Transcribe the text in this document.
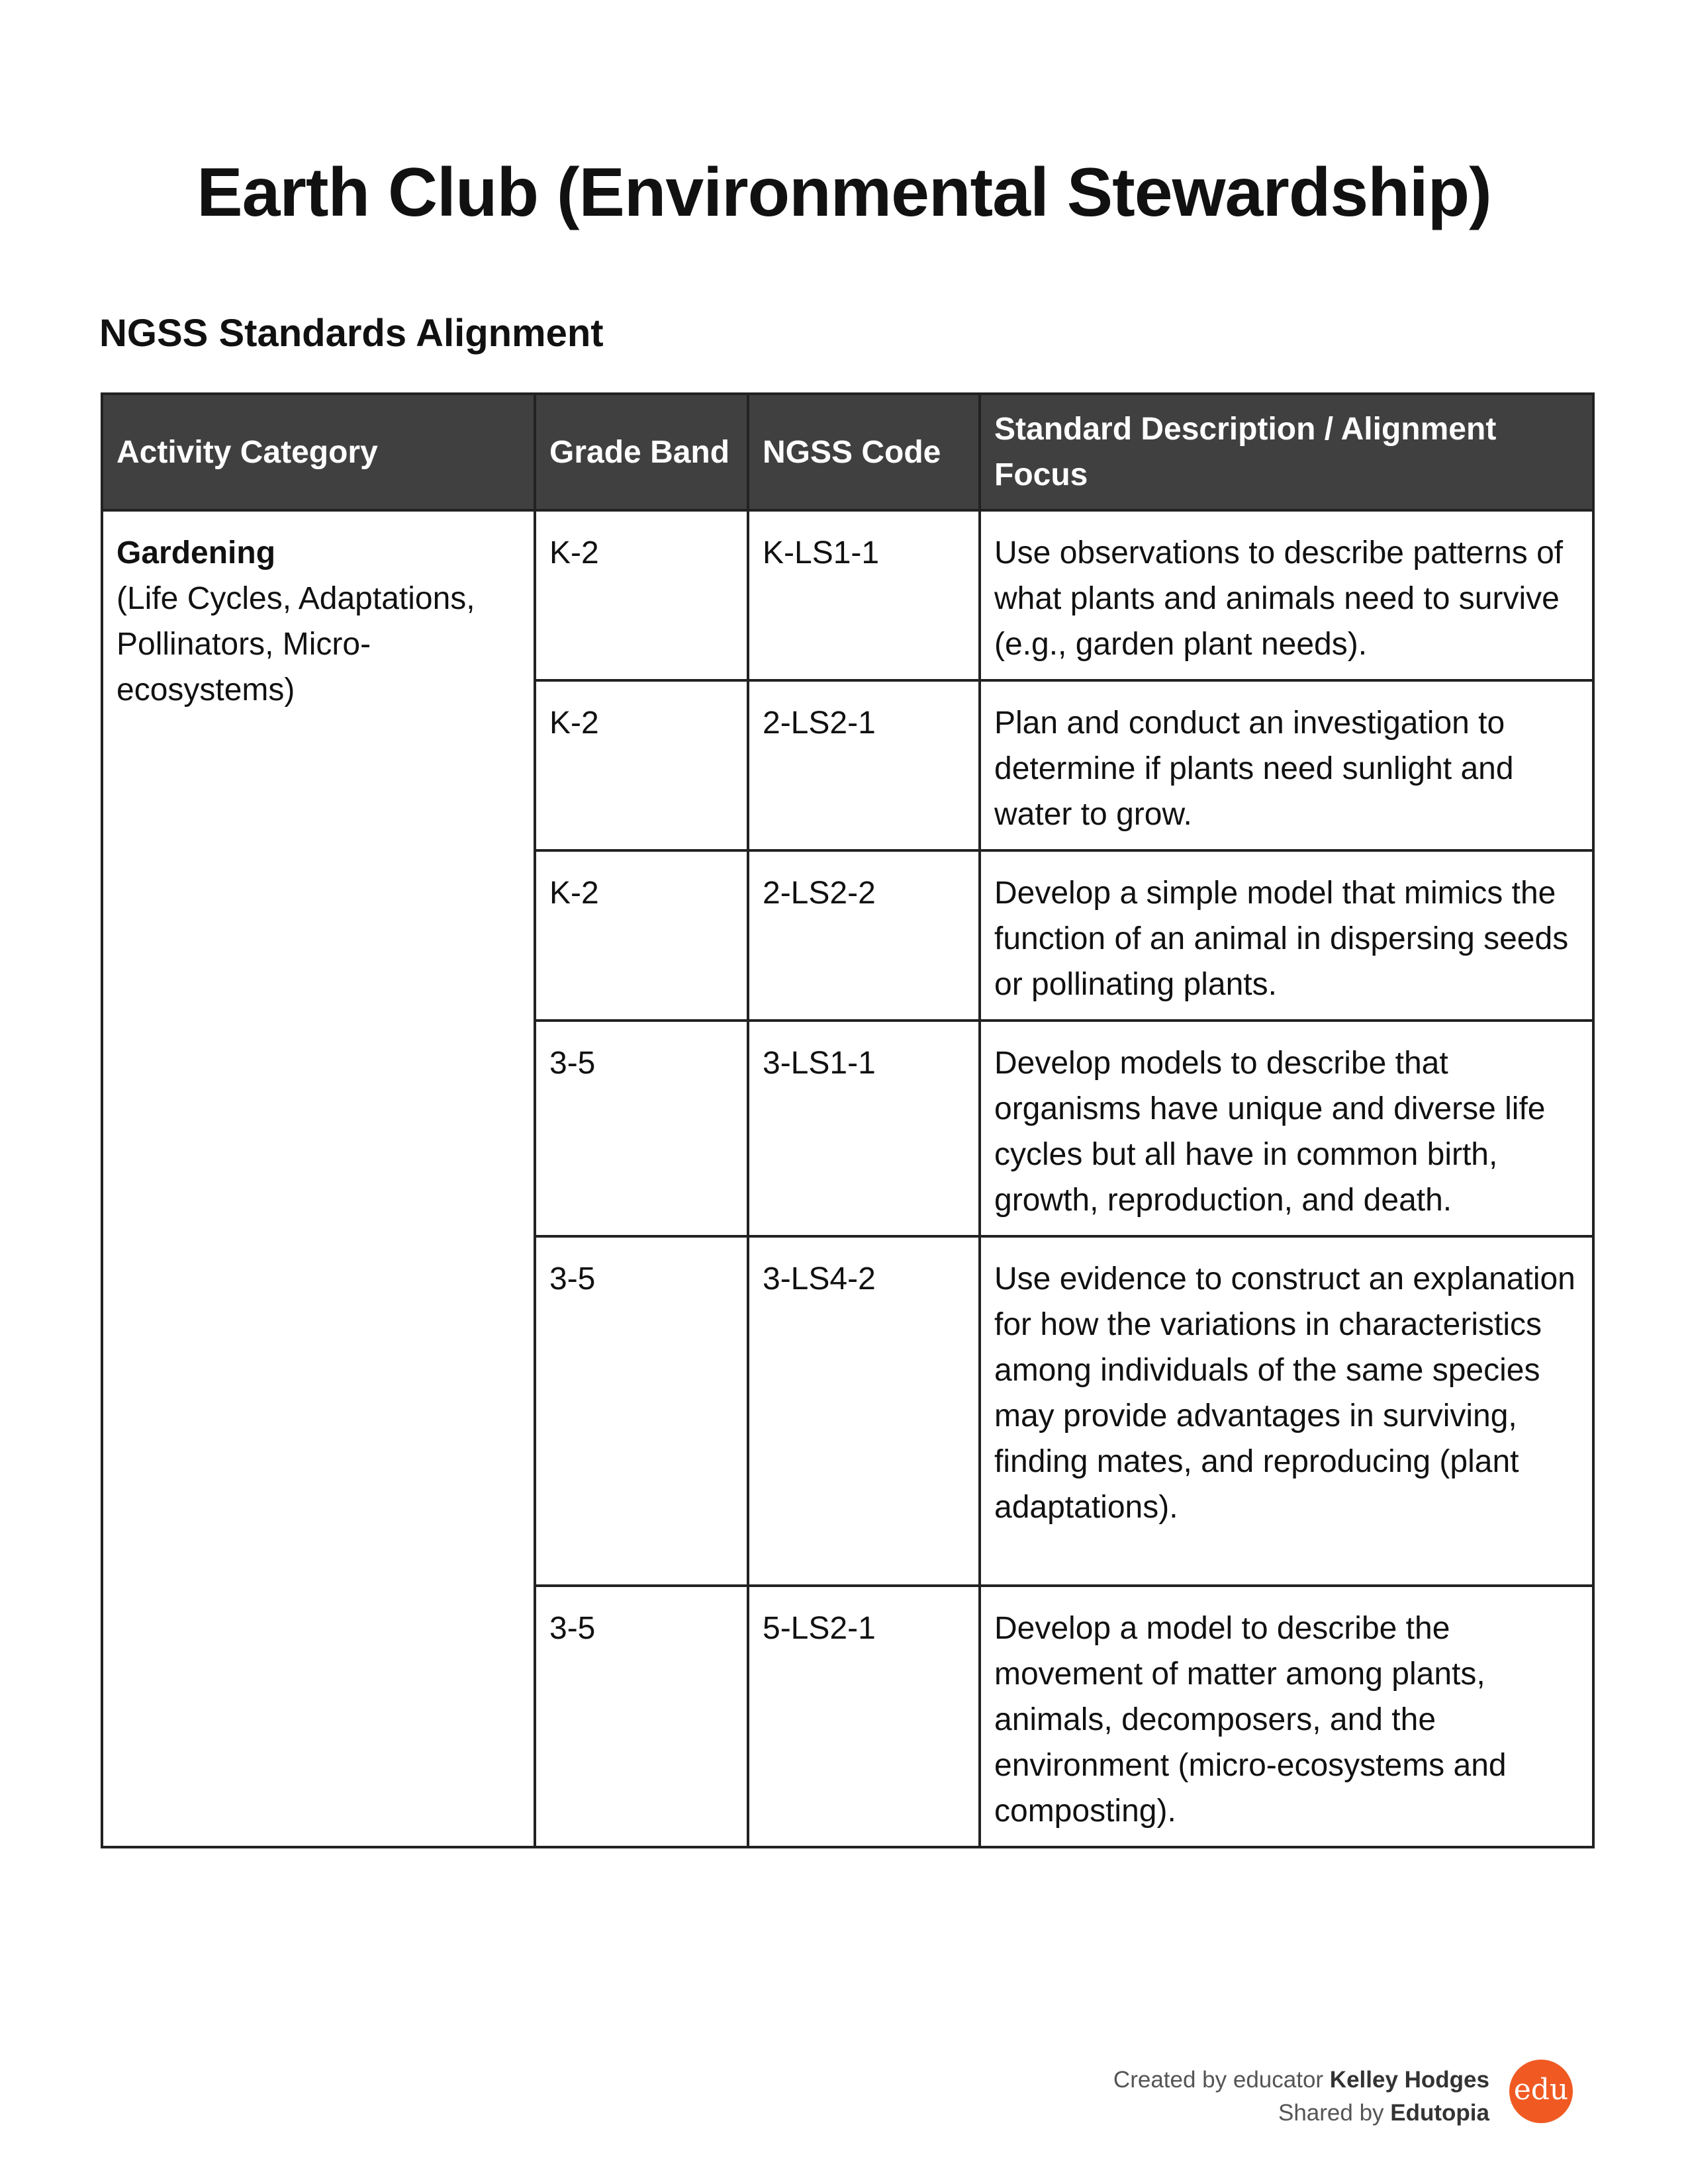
Earth Club (Environmental Stewardship)
NGSS Standards Alignment
Activity Category	Grade Band	NGSS Code	Standard Description / Alignment Focus

Gardening
(Life Cycles, Adaptations, Pollinators, Micro-ecosystems)	K-2	K-LS1-1	Use observations to describe patterns of what plants and animals need to survive (e.g., garden plant needs).
	K-2	2-LS2-1	Plan and conduct an investigation to determine if plants need sunlight and water to grow.
	K-2	2-LS2-2	Develop a simple model that mimics the function of an animal in dispersing seeds or pollinating plants.
	3-5	3-LS1-1	Develop models to describe that organisms have unique and diverse life cycles but all have in common birth, growth, reproduction, and death.
	3-5	3-LS4-2	Use evidence to construct an explanation for how the variations in characteristics among individuals of the same species may provide advantages in surviving, finding mates, and reproducing (plant adaptations).
	3-5	5-LS2-1	Develop a model to describe the movement of matter among plants, animals, decomposers, and the environment (micro-ecosystems and composting).
Created by educator Kelley Hodges
Shared by Edutopia
edu
